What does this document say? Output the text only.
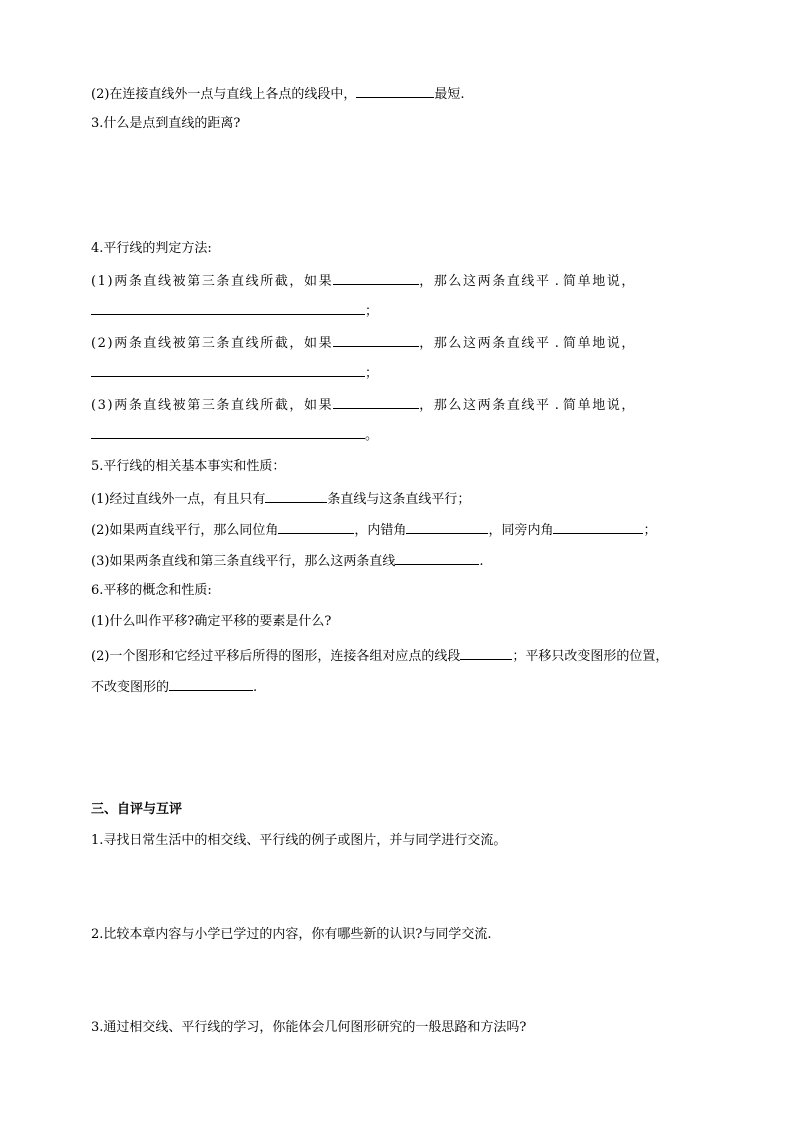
(2)在连接直线外一点与直线上各点的线段中，	最短.
3.什么是点到直线的距离?
4.平行线的判定方法:
(1)两条直线被第三条直线所截，如果	，那么这两条直线平 . 简单地说，
；
(2)两条直线被第三条直线所截，如果	，那么这两条直线平 . 简单地说，
；
(3)两条直线被第三条直线所截，如果	，那么这两条直线平 . 简单地说，
。
5.平行线的相关基本事实和性质：
(1)经过直线外一点，有且只有	条直线与这条直线平行；
(2)如果两直线平行，那么同位角	，内错角	，同旁内角	；
(3)如果两条直线和第三条直线平行，那么这两条直线	.
6.平移的概念和性质:
(1)什么叫作平移?确定平移的要素是什么?
(2)一个图形和它经过平移后所得的图形，连接各组对应点的线段	；平移只改变图形的位置，
不改变图形的	.
三、自评与互评
1.寻找日常生活中的相交线、平行线的例子或图片，并与同学进行交流。
2.比较本章内容与小学已学过的内容，你有哪些新的认识?与同学交流.
3.通过相交线、平行线的学习，你能体会几何图形研究的一般思路和方法吗?
